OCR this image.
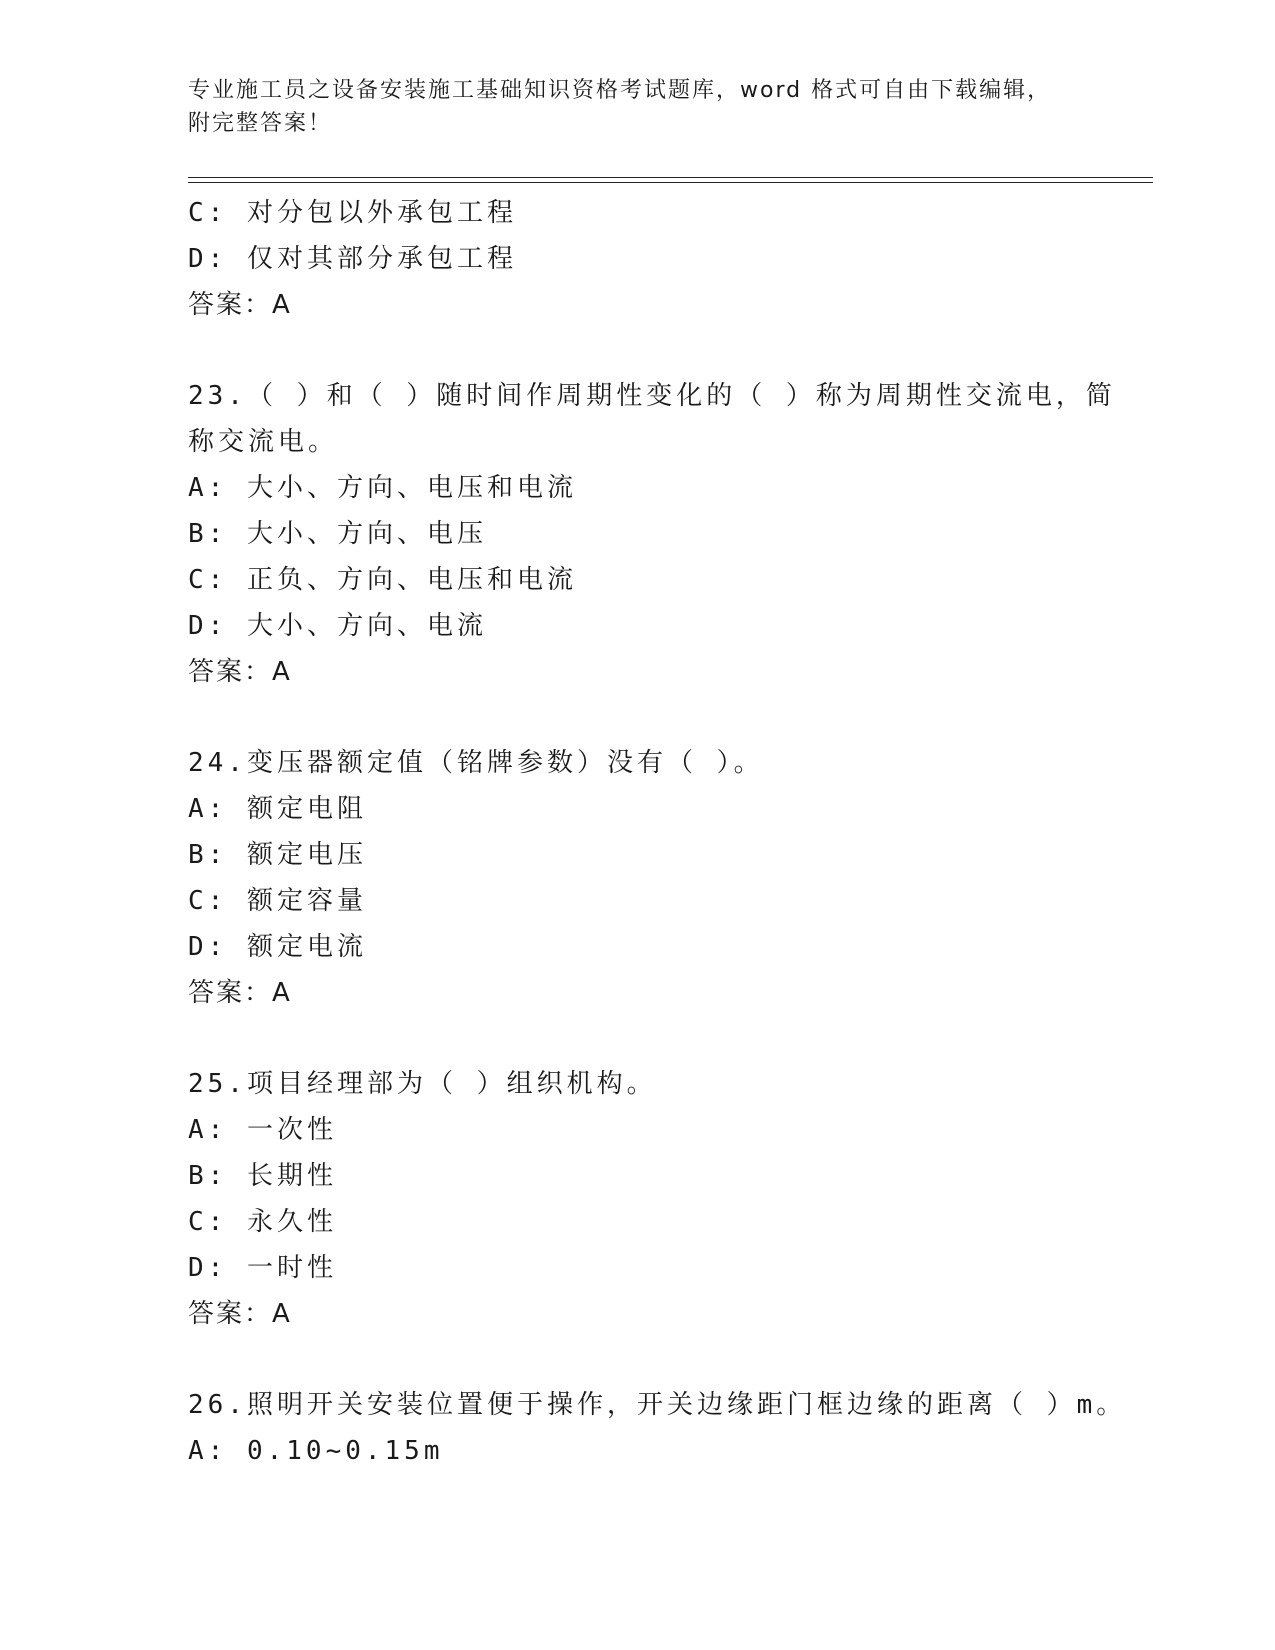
专业施工员之设备安装施工基础知识资格考试题库，word 格式可自由下载编辑，
附完整答案！
C: 对分包以外承包工程
D: 仅对其部分承包工程
答案：A
23.（ ）和（ ）随时间作周期性变化的（ ）称为周期性交流电，简
称交流电。
A: 大小、方向、电压和电流
B: 大小、方向、电压
C: 正负、方向、电压和电流
D: 大小、方向、电流
答案：A
24.变压器额定值（铭牌参数）没有（ ）。
A: 额定电阻
B: 额定电压
C: 额定容量
D: 额定电流
答案：A
25.项目经理部为（ ）组织机构。
A: 一次性
B: 长期性
C: 永久性
D: 一时性
答案：A
26.照明开关安装位置便于操作，开关边缘距门框边缘的距离（ ）m。
A: 0.10~0.15m
